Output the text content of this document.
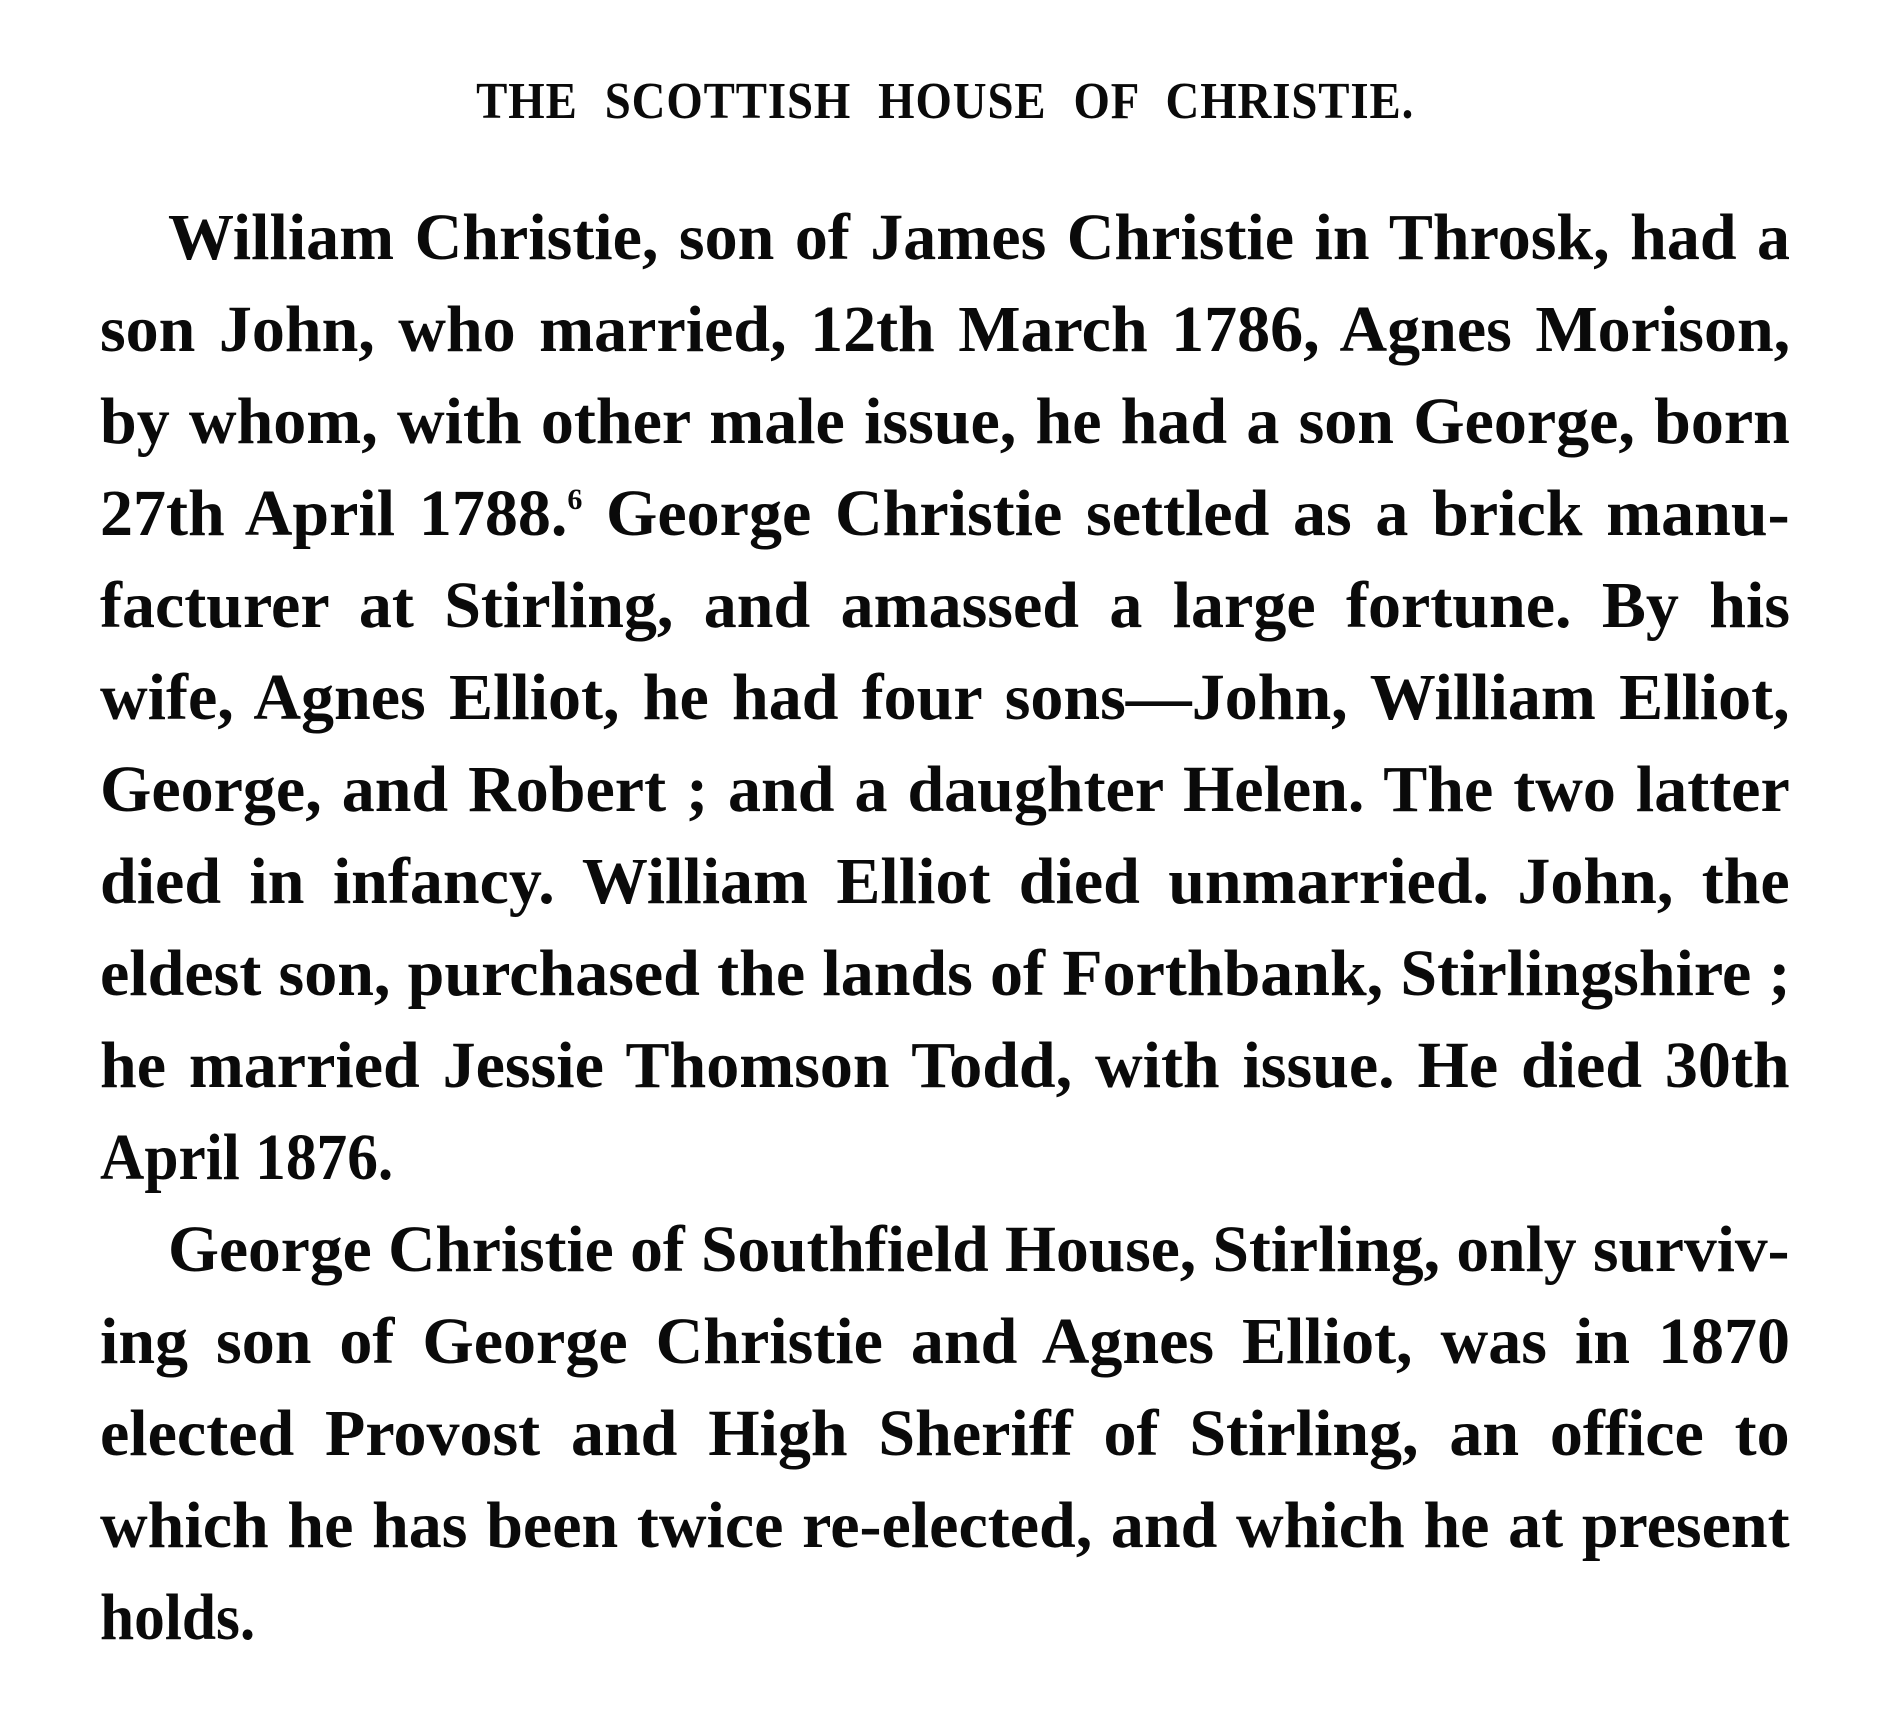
THE SCOTTISH HOUSE OF CHRISTIE.
William Christie, son of James Christie in Throsk, had a
son John, who married, 12th March 1786, Agnes Morison,
by whom, with other male issue, he had a son George, born
27th April 1788.$^6$ George Christie settled as a brick manu-
facturer at Stirling, and amassed a large fortune. By his
wife, Agnes Elliot, he had four sons—John, William Elliot,
George, and Robert ; and a daughter Helen. The two latter
died in infancy. William Elliot died unmarried. John, the
eldest son, purchased the lands of Forthbank, Stirlingshire ;
he married Jessie Thomson Todd, with issue. He died 30th
April 1876.
George Christie of Southfield House, Stirling, only surviv-
ing son of George Christie and Agnes Elliot, was in 1870
elected Provost and High Sheriff of Stirling, an office to
which he has been twice re-elected, and which he at present
holds.
